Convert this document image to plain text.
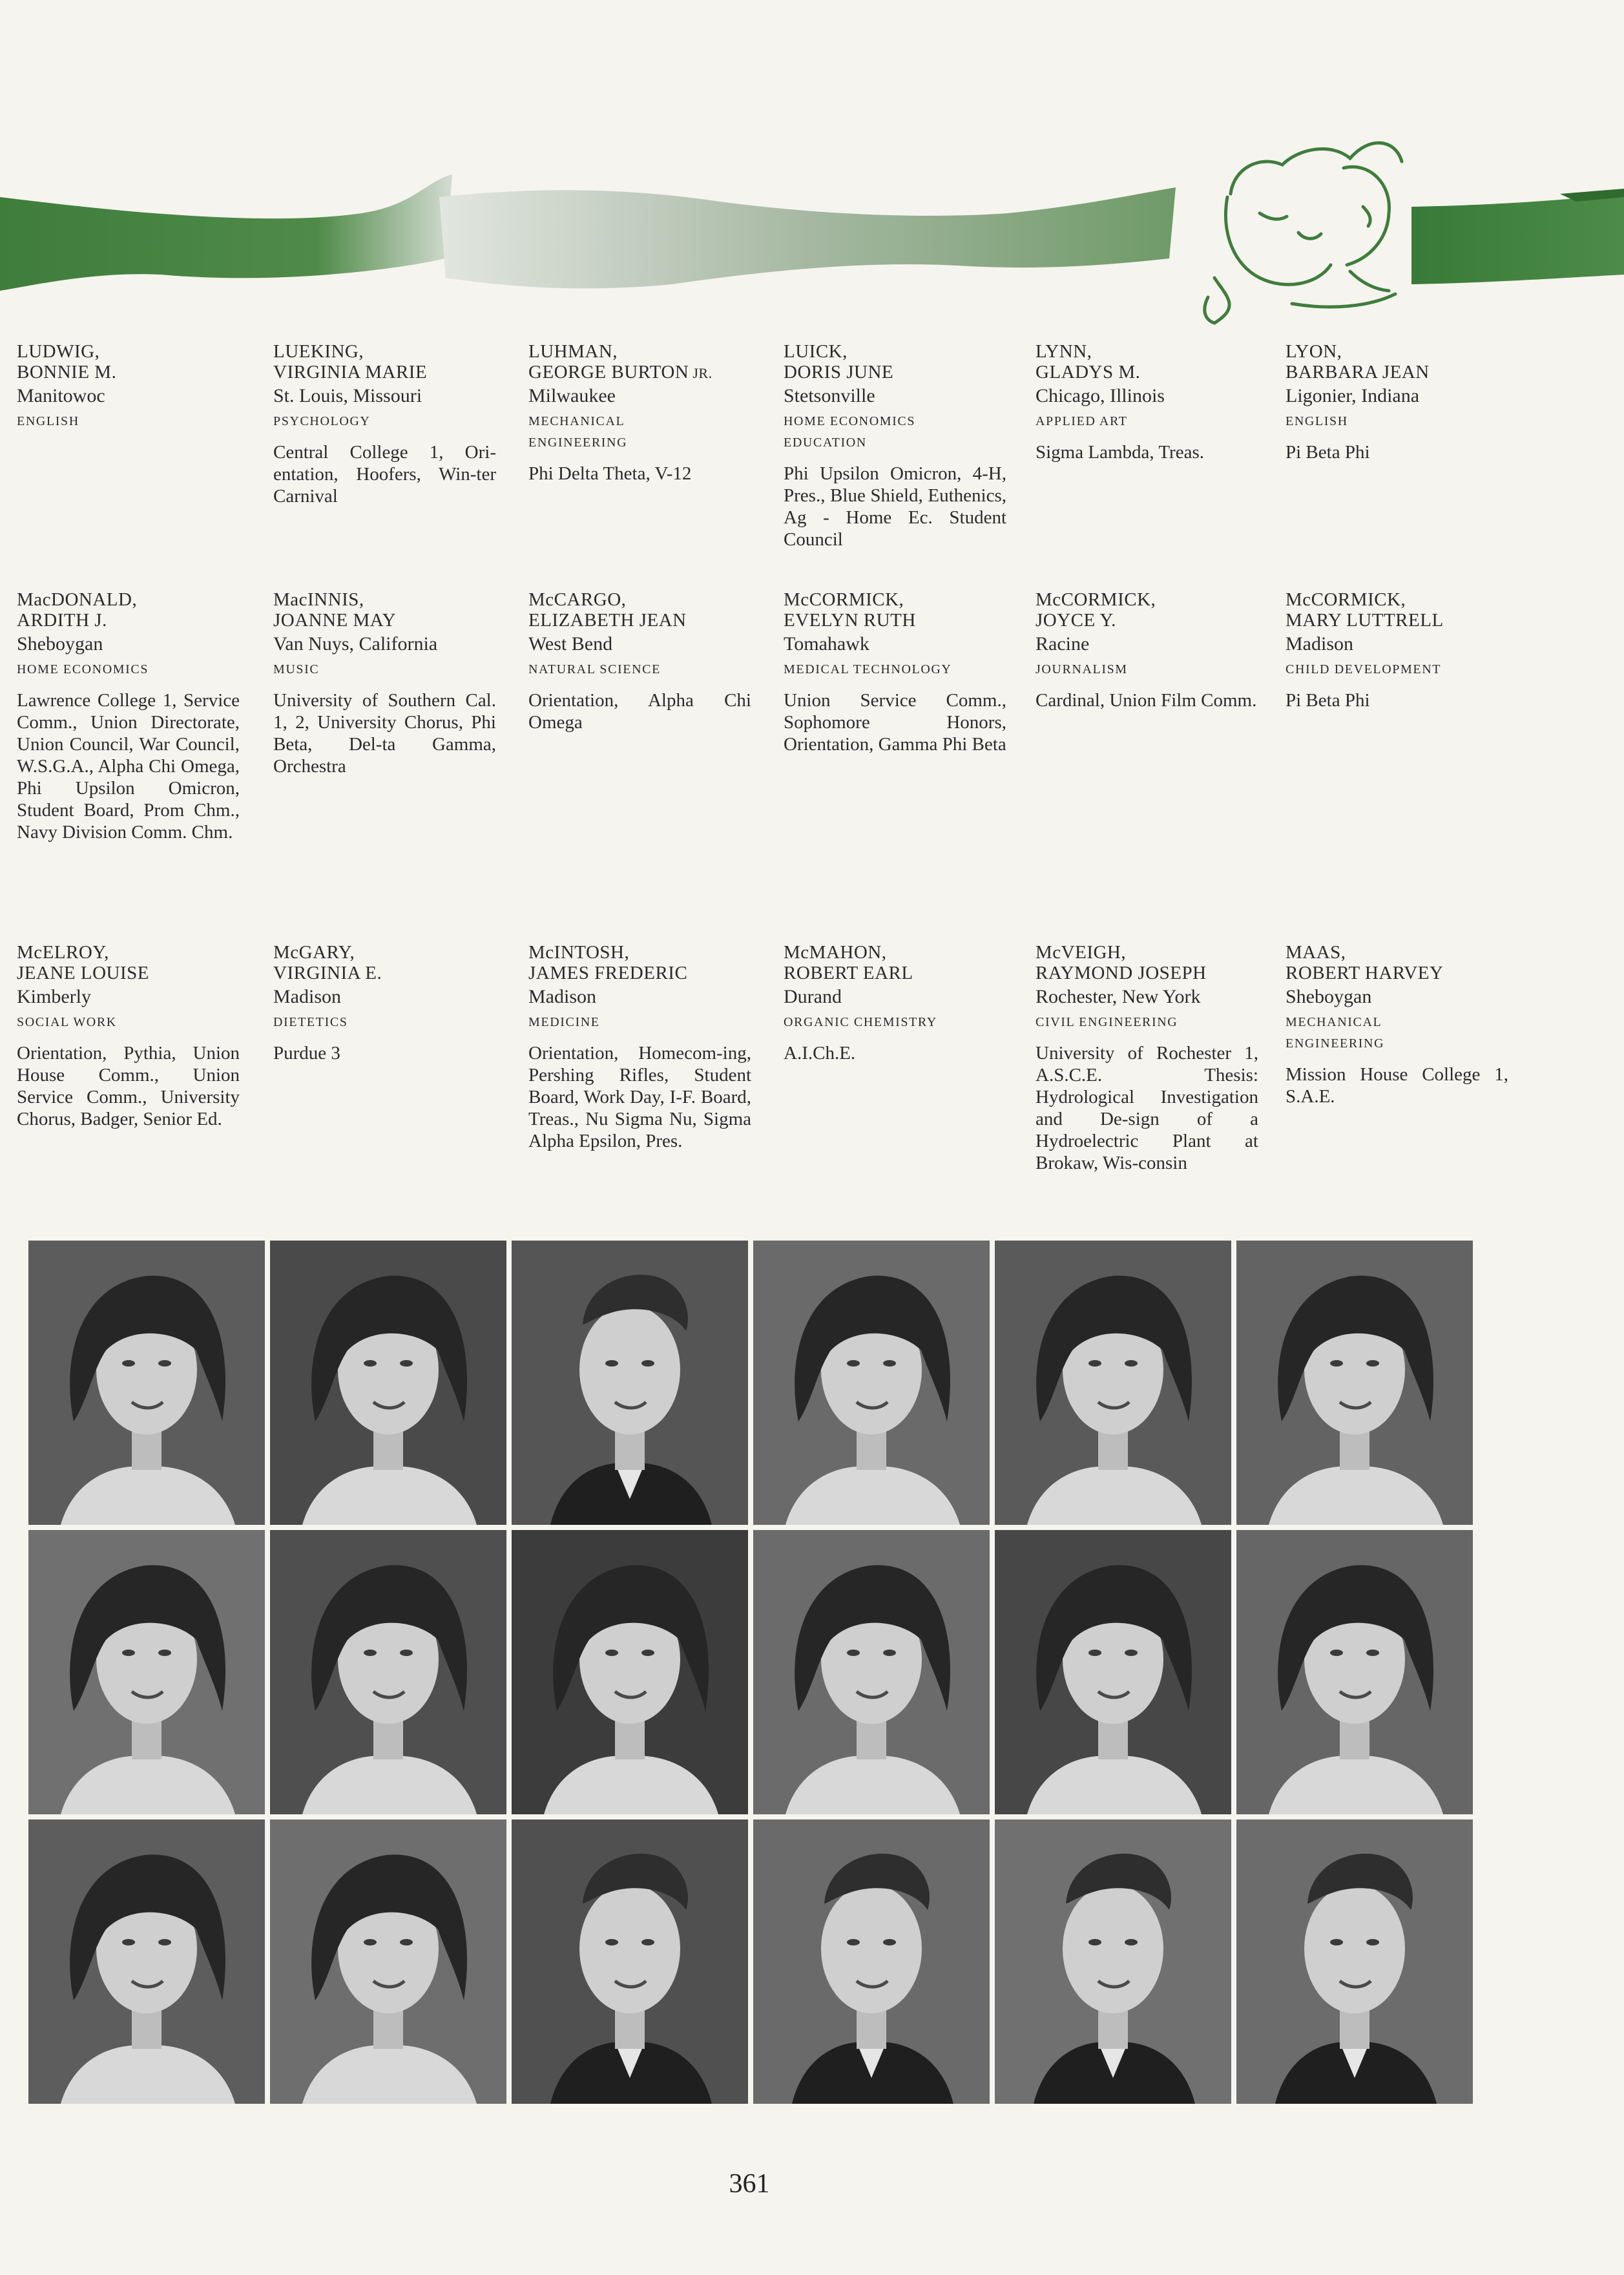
LUDWIG,
BONNIE M.
Manitowoc
ENGLISH
LUEKING,
VIRGINIA MARIE
St. Louis, Missouri
PSYCHOLOGY
Central College 1, Ori-entation, Hoofers, Win-ter Carnival
LUHMAN,
GEORGE BURTON JR.
Milwaukee
MECHANICAL
ENGINEERING
Phi Delta Theta, V-12
LUICK,
DORIS JUNE
Stetsonville
HOME ECONOMICS
EDUCATION
Phi Upsilon Omicron, 4-H, Pres., Blue Shield, Euthenics, Ag - Home Ec. Student Council
LYNN,
GLADYS M.
Chicago, Illinois
APPLIED ART
Sigma Lambda, Treas.
LYON,
BARBARA JEAN
Ligonier, Indiana
ENGLISH
Pi Beta Phi
MacDONALD,
ARDITH J.
Sheboygan
HOME ECONOMICS
Lawrence College 1, Service Comm., Union Directorate, Union Council, War Council, W.S.G.A., Alpha Chi Omega, Phi Upsilon Omicron, Student Board, Prom Chm., Navy Division Comm. Chm.
MacINNIS,
JOANNE MAY
Van Nuys, California
MUSIC
University of Southern Cal. 1, 2, University Chorus, Phi Beta, Del-ta Gamma, Orchestra
McCARGO,
ELIZABETH JEAN
West Bend
NATURAL SCIENCE
Orientation, Alpha Chi Omega
McCORMICK,
EVELYN RUTH
Tomahawk
MEDICAL TECHNOLOGY
Union Service Comm., Sophomore Honors, Orientation, Gamma Phi Beta
McCORMICK,
JOYCE Y.
Racine
JOURNALISM
Cardinal, Union Film Comm.
McCORMICK,
MARY LUTTRELL
Madison
CHILD DEVELOPMENT
Pi Beta Phi
McELROY,
JEANE LOUISE
Kimberly
SOCIAL WORK
Orientation, Pythia, Union House Comm., Union Service Comm., University Chorus, Badger, Senior Ed.
McGARY,
VIRGINIA E.
Madison
DIETETICS
Purdue 3
McINTOSH,
JAMES FREDERIC
Madison
MEDICINE
Orientation, Homecom-ing, Pershing Rifles, Student Board, Work Day, I-F. Board, Treas., Nu Sigma Nu, Sigma Alpha Epsilon, Pres.
McMAHON,
ROBERT EARL
Durand
ORGANIC CHEMISTRY
A.I.Ch.E.
McVEIGH,
RAYMOND JOSEPH
Rochester, New York
CIVIL ENGINEERING
University of Rochester 1, A.S.C.E. Thesis: Hydrological Investigation and De-sign of a Hydroelectric Plant at Brokaw, Wis-consin
MAAS,
ROBERT HARVEY
Sheboygan
MECHANICAL
ENGINEERING
Mission House College 1, S.A.E.
361
